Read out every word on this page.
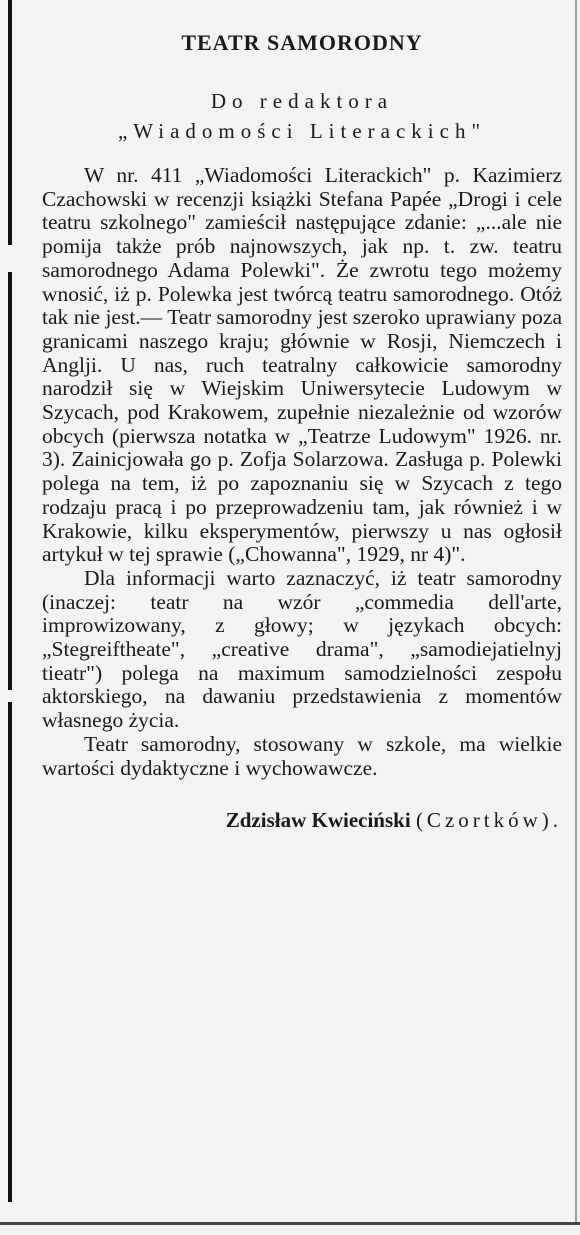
TEATR SAMORODNY
Do redaktora
„Wiadomości Literackich"

W nr. 411 „Wiadomości Literackich" p. Kazimierz Czachowski w recenzji książki Stefana Papée „Drogi i cele teatru szkolnego" zamieścił następujące zdanie: „...ale nie pomija także prób najnowszych, jak np. t. zw. teatru samorodnego Adama Polewki". Że zwrotu tego możemy wnosić, iż p. Polewka jest twórcą teatru samorodnego. Otóż tak nie jest.— Teatr samorodny jest szeroko uprawiany poza granicami naszego kraju; głównie w Rosji, Niemczech i Anglji. U nas, ruch teatralny całkowicie samorodny narodził się w Wiejskim Uniwersytecie Ludowym w Szycach, pod Krakowem, zupełnie niezależnie od wzorów obcych (pierwsza notatka w „Teatrze Ludowym" 1926. nr. 3). Zainicjowała go p. Zofja Solarzowa. Zasługa p. Polewki polega na tem, iż po zapoznaniu się w Szycach z tego rodzaju pracą i po przeprowadzeniu tam, jak również i w Krakowie, kilku eksperymentów, pierwszy u nas ogłosił artykuł w tej sprawie („Chowanna", 1929, nr 4)".

Dla informacji warto zaznaczyć, iż teatr samorodny (inaczej: teatr na wzór „commedia dell'arte, improwizowany, z głowy; w językach obcych: „Stegreiftheate", „creative drama", „samodiejatielnyj tieatr") polega na maximum samodzielności zespołu aktorskiego, na dawaniu przedstawienia z momentów własnego życia.

Teatr samorodny, stosowany w szkole, ma wielkie wartości dydaktyczne i wychowawcze.

Zdzisław Kwieciński (Czortków).
